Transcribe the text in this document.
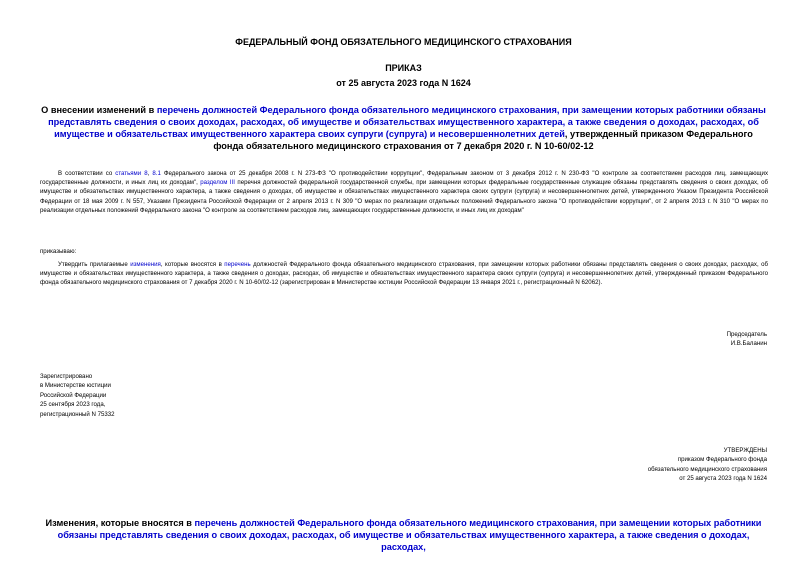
ФЕДЕРАЛЬНЫЙ ФОНД ОБЯЗАТЕЛЬНОГО МЕДИЦИНСКОГО СТРАХОВАНИЯ
ПРИКАЗ
от 25 августа 2023 года N 1624
О внесении изменений в перечень должностей Федерального фонда обязательного медицинского страхования, при замещении которых работники обязаны представлять сведения о своих доходах, расходах, об имуществе и обязательствах имущественного характера, а также сведения о доходах, расходах, об имуществе и обязательствах имущественного характера своих супруги (супруга) и несовершеннолетних детей, утвержденный приказом Федерального фонда обязательного медицинского страхования от 7 декабря 2020 г. N 10-60/02-12
В соответствии со статьями 8, 8.1 Федерального закона от 25 декабря 2008 г. N 273-ФЗ "О противодействии коррупции", Федеральным законом от 3 декабря 2012 г. N 230-ФЗ "О контроле за соответствием расходов лиц, замещающих государственные должности, и иных лиц их доходам", разделом III перечня должностей федеральной государственной службы, при замещении которых федеральные государственные служащие обязаны представлять сведения о своих доходах, об имуществе и обязательствах имущественного характера, а также сведения о доходах, об имуществе и обязательствах имущественного характера своих супруги (супруга) и несовершеннолетних детей, утвержденного Указом Президента Российской Федерации от 18 мая 2009 г. N 557, Указами Президента Российской Федерации от 2 апреля 2013 г. N 309 "О мерах по реализации отдельных положений Федерального закона "О противодействии коррупции", от 2 апреля 2013 г. N 310 "О мерах по реализации отдельных положений Федерального закона "О контроле за соответствием расходов лиц, замещающих государственные должности, и иных лиц их доходам"
приказываю:
Утвердить прилагаемые изменения, которые вносятся в перечень должностей Федерального фонда обязательного медицинского страхования, при замещении которых работники обязаны представлять сведения о своих доходах, расходах, об имуществе и обязательствах имущественного характера, а также сведения о доходах, расходах, об имуществе и обязательствах имущественного характера своих супруги (супруга) и несовершеннолетних детей, утвержденный приказом Федерального фонда обязательного медицинского страхования от 7 декабря 2020 г. N 10-60/02-12 (зарегистрирован в Министерстве юстиции Российской Федерации 13 января 2021 г., регистрационный N 62062).
Председатель
И.В.Баланин
Зарегистрировано
в Министерстве юстиции
Российской Федерации
25 сентября 2023 года,
регистрационный N 75332
УТВЕРЖДЕНЫ
приказом Федерального фонда
обязательного медицинского страхования
от 25 августа 2023 года N 1624
Изменения, которые вносятся в перечень должностей Федерального фонда обязательного медицинского страхования, при замещении которых работники обязаны представлять сведения о своих доходах, расходах, об имуществе и обязательствах имущественного характера, а также сведения о доходах, расходах,
